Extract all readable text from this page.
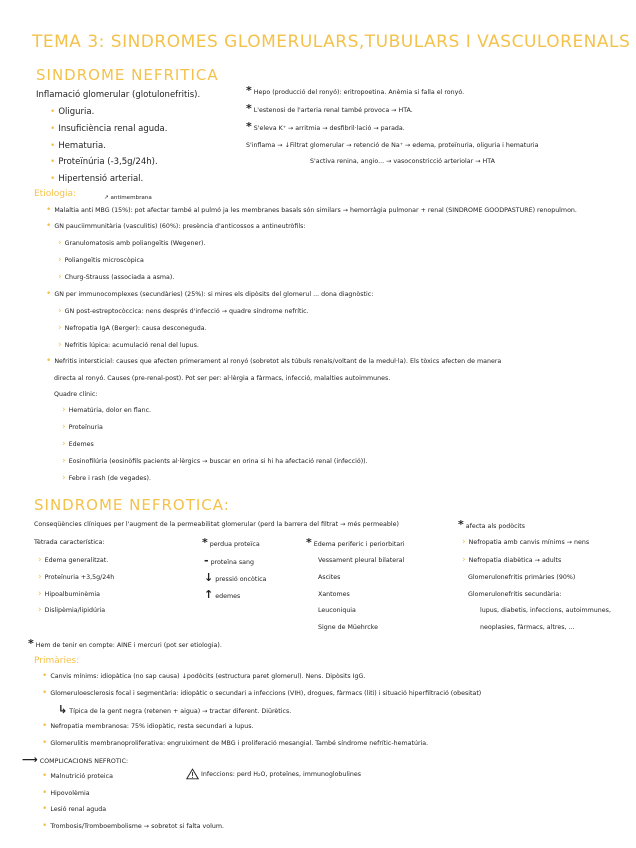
TEMA 3: SINDROMES GLOMERULARS,TUBULARS I VASCULORENALS
SINDROME NEFRITICA
Inflamació glomerular (glotulonefritis).
• Oliguria.
• Insuficiència renal aguda.
• Hematuria.
• Proteïnúria (-3,5g/24h).
• Hipertensió arterial.
* Hepo (producció del ronyó): eritropoetina. Anèmia si falla el ronyó.
* L'estenosi de l'arteria renal també provoca → HTA.
* S'eleva K⁺ → arritmia → desfibril·lació → parada.
S'inflama → ↓Filtrat glomerular → retenció de Na⁺ → edema, proteïnuria, oliguria i hematuria
S'activa renina, angio... → vasoconstricció arteriolar → HTA
Etiologia:	↗ antimembrana
• Malaltia anti MBG (15%): pot afectar també al pulmó ja les membranes basals són similars → hemorràgia pulmonar + renal (SINDROME GOODPASTURE) renopulmon.
• GN pauciimmunitària (vasculitis) (60%): presència d'anticossos a antineutròfils:
› Granulomatosis amb poliangeïtis (Wegener).
› Poliangeïtis microscòpica
› Churg-Strauss (associada a asma).
• GN per immunocomplexes (secundàries) (25%): si mires els dipòsits del glomerul ... dona diagnòstic:
› GN post-estreptocòccica: nens després d'infecció → quadre síndrome nefrític.
› Nefropatia IgA (Berger): causa desconeguda.
› Nefritis lúpica: acumulació renal del lupus.
• Nefritis intersticial: causes que afecten primerament al ronyó (sobretot als túbuls renals/voltant de la medul·la). Els tòxics afecten de manera
directa al ronyó. Causes (pre-renal-post). Pot ser per: al·lèrgia a fàrmacs, infecció, malalties autoimmunes.
Quadre clínic:
› Hematúria, dolor en flanc.
› Proteïnuria
› Edemes
› Eosinofilúria (eosinòfils pacients al·lèrgics → buscar en orina si hi ha afectació renal (infecció)).
› Febre i rash (de vegades).
SINDROME NEFROTICA:
Conseqüències clíniques per l'augment de la permeabilitat glomerular (perd la barrera del filtrat → més permeable)	* afecta als podòcits
Tètrada característica:
› Edema generalitzat.
› Proteïnuria +3,5g/24h
› Hipoalbuminèmia
› Dislipèmia/lipidúria
* perdua proteïca
- proteïna sang
↓ pressió oncòtica
↑ edemes
* Edema periferic i periorbitari
Vessament pleural bilateral
Ascites
Xantomes
Leuconiquia
Signe de Müehrcke
› Nefropatia amb canvis mínims → nens
› Nefropatia diabètica → adults
Glomerulonefritis primàries (90%)
Glomerulonefritis secundària:
lupus, diabetis, infeccions, autoimmunes,
neoplasies, fàrmacs, altres, ...
* Hem de tenir en compte: AINE i mercuri (pot ser etiologia).
Primàries:
• Canvis mínims: idiopàtica (no sap causa) ↓podòcits (estructura paret glomerul). Nens. Dipòsits IgG.
• Glomeruloesclerosis focal i segmentària: idiopàtic o secundari a infeccions (VIH), drogues, fàrmacs (liti) i situació hiperfiltració (obesitat)
↳ Típica de la gent negra (retenen + aigua) → tractar diferent. Diürètics.
• Nefropatia membranosa: 75% idiopàtic, resta secundari a lupus.
• Glomerulitis membranoproliferativa: engruiximent de MBG i proliferació mesangial. També síndrome nefrític-hematúria.
⟶ COMPLICACIONS NEFROTIC:
• Malnutrició proteica
• Hipovolèmia
• Lesió renal aguda
• Trombosis/Tromboembolisme → sobretot si falta volum.
Infeccions: perd H₂O, proteïnes, immunoglobulines
